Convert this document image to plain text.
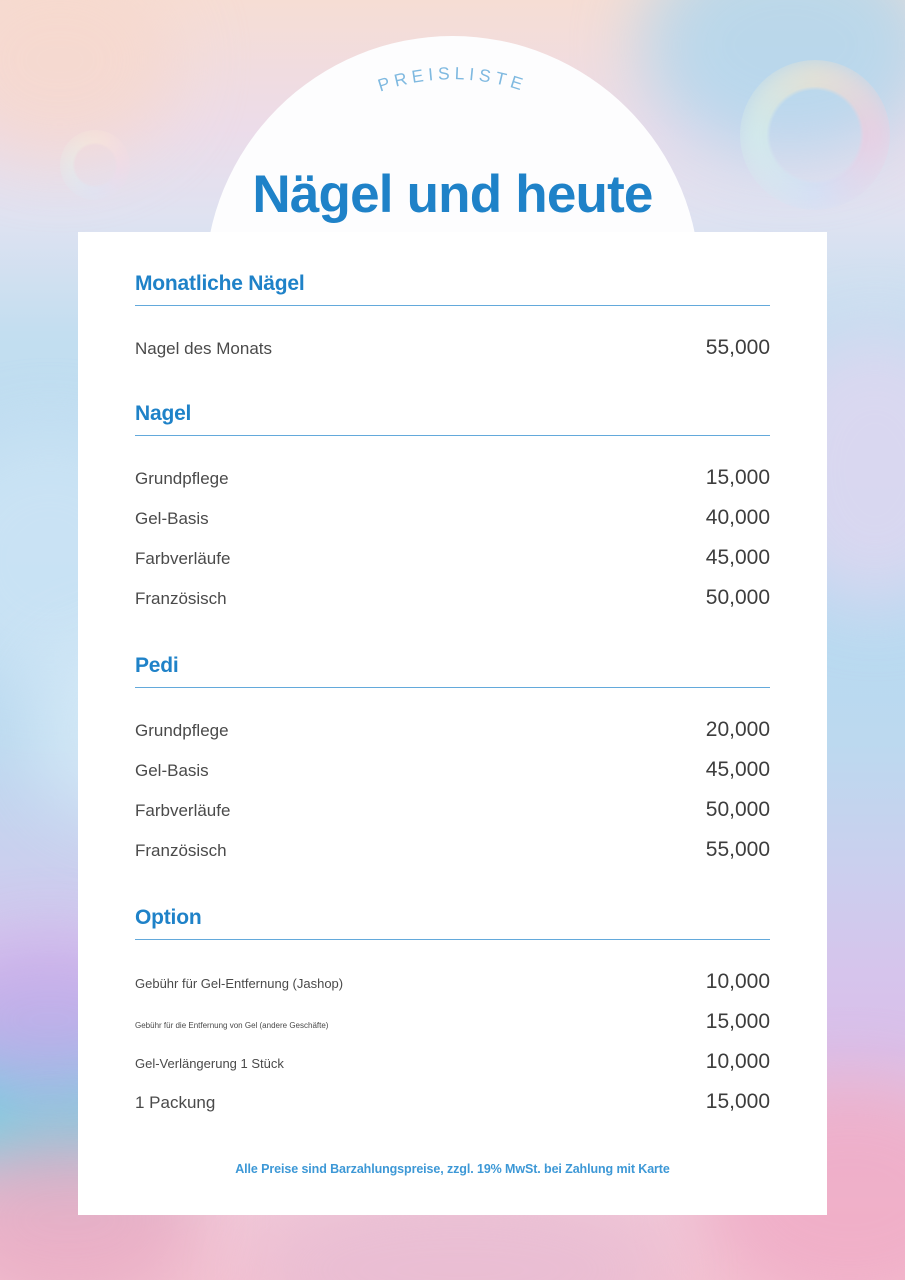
PREISLISTE
Nägel und heute
Monatliche Nägel
Nagel des Monats	55,000
Nagel
Grundpflege	15,000
Gel-Basis	40,000
Farbverläufe	45,000
Französisch	50,000
Pedi
Grundpflege	20,000
Gel-Basis	45,000
Farbverläufe	50,000
Französisch	55,000
Option
Gebühr für Gel-Entfernung (Jashop)	10,000
Gebühr für die Entfernung von Gel (andere Geschäfte)	15,000
Gel-Verlängerung 1 Stück	10,000
1 Packung	15,000
Alle Preise sind Barzahlungspreise, zzgl. 19% MwSt. bei Zahlung mit Karte
